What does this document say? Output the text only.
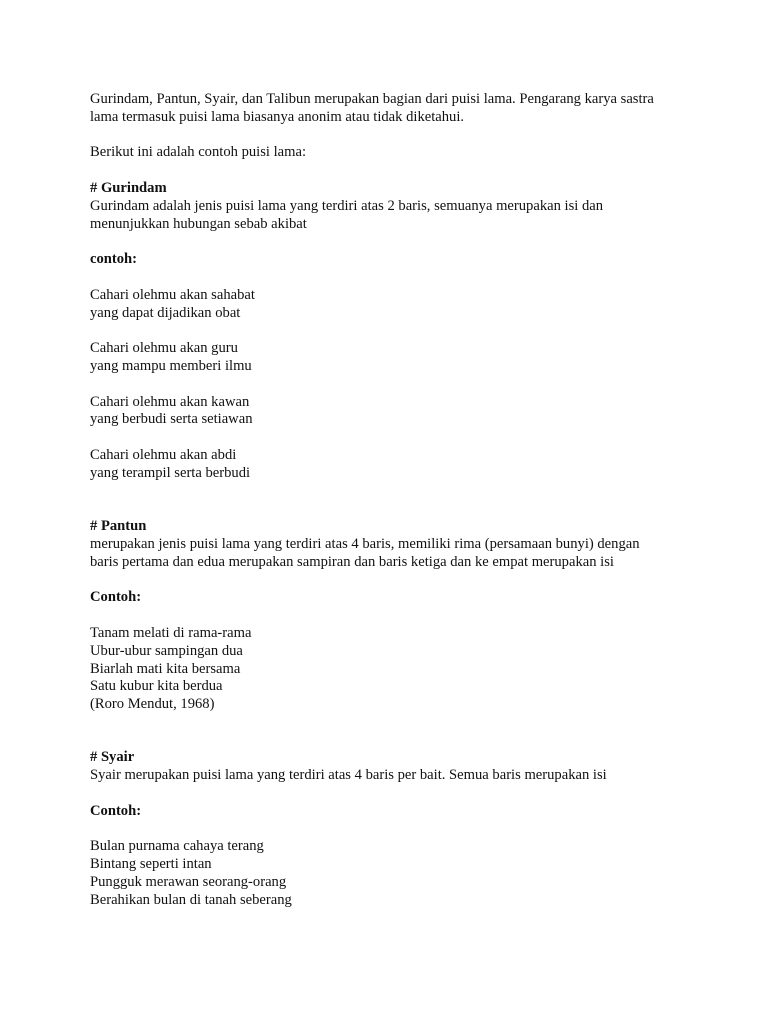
Gurindam, Pantun, Syair, dan Talibun merupakan bagian dari puisi lama. Pengarang karya sastra

lama termasuk puisi lama biasanya anonim atau tidak diketahui.

Berikut ini adalah contoh puisi lama:

# Gurindam

Gurindam adalah jenis puisi lama yang terdiri atas 2 baris, semuanya merupakan isi dan

menunjukkan hubungan sebab akibat

contoh:

Cahari olehmu akan sahabat

yang dapat dijadikan obat

Cahari olehmu akan guru

yang mampu memberi ilmu

Cahari olehmu akan kawan

yang berbudi serta setiawan

Cahari olehmu akan abdi

yang terampil serta berbudi

# Pantun

merupakan jenis puisi lama yang terdiri atas 4 baris, memiliki rima (persamaan bunyi) dengan

baris pertama dan edua merupakan sampiran dan baris ketiga dan ke empat merupakan isi

Contoh:

Tanam melati di rama-rama

Ubur-ubur sampingan dua

Biarlah mati kita bersama

Satu kubur kita berdua

(Roro Mendut, 1968)

# Syair

Syair merupakan puisi lama yang terdiri atas 4 baris per bait. Semua baris merupakan isi

Contoh:

Bulan purnama cahaya terang

Bintang seperti intan

Pungguk merawan seorang-orang

Berahikan bulan di tanah seberang
